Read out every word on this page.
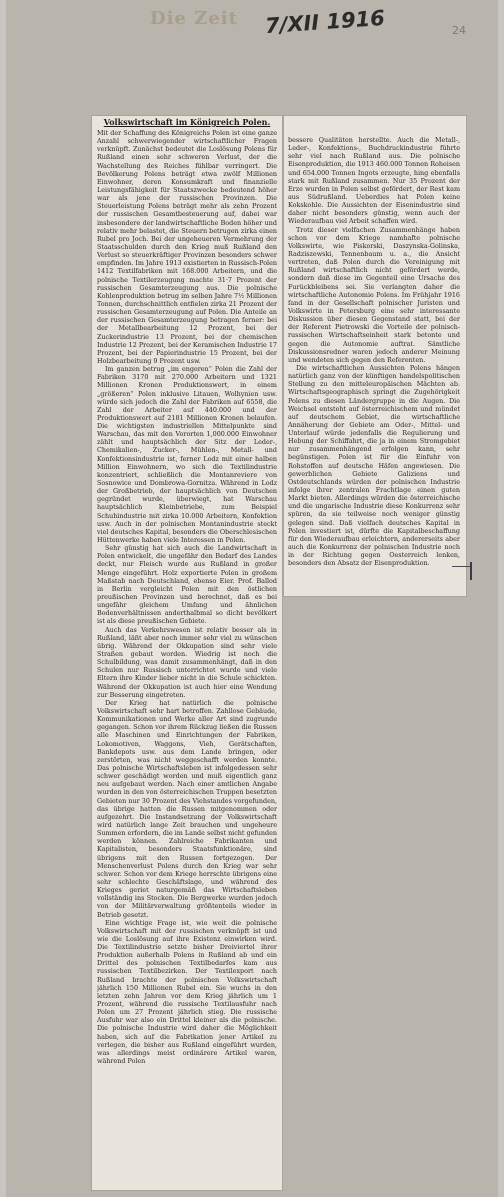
Die Zeit 7/XII 1916	24
Volkswirtschaft im Königreich Polen.

Mit der Schaffung des Königreichs Polen ist eine ganze Anzahl schwerwiegender wirtschaftlicher Fragen verknüpft. Zunächst bedeutet die Loslösung Polens für Rußland einen sehr schweren Verlust, der die Wachstellung des Reiches fühlbar verringert. Die Bevölkerung Polens beträgt etwa zwölf Millionen Einwohner, deren Konsumkraft und finanzielle Leistungsfähigkeit für Staatszwecke bedeutend höher war als jene der russischen Provinzen. Die Steuerleistung Polens beträgt mehr als zehn Prozent der russischen Gesamtbesteuerung auf, dabei war insbesondere der landwirtschaftliche Boden höher und relativ mehr belastet, die Steuern betrugen zirka einen Rubel pro Joch. Bei der ungeheueren Vermehrung der Staatsschulden durch den Krieg muß Rußland den Verlust so steuerkräftiger Provinzen besonders schwer empfinden. Im Jahre 1913 existierten in Russisch-Polen 1412 Textilfabriken mit 168.000 Arbeitern, und die polnische Textilerzeugung machte 31·7 Prozent der russischen Gesamterzeugung aus. Die polnische Kohlenproduktion betrug im selben Jahre 7½ Millionen Tonnen, durchschnittlich entfielen zirka 21 Prozent der russischen Gesamterzeugung auf Polen. Die Anteile an der russischen Gesamterzeugung betragen ferner: bei der Metallbearbeitung 12 Prozent, bei der Zuckerindustrie 13 Prozent, bei der chemischen Industrie 12 Prozent, bei der Keramischen Industrie 17 Prozent, bei der Papierindustrie 15 Prozent, bei der Holzbearbeitung 9 Prozent usw.

Im ganzen betrug „im engeren“ Polen die Zahl der Fabriken 3170 mit 270.000 Arbeitern und 1321 Millionen Kronen Produktionswert, in einem „größeren“ Polen inklusive Litauen, Wolhynien usw. würde sich jedoch die Zahl der Fabriken auf 6558, die Zahl der Arbeiter auf 440.000 und der Produktionswert auf 2181 Millionen Kronen belaufen. Die wichtigsten industriellen Mittelpunkte sind Warschau, das mit den Vororten 1,000.000 Einwohner zählt und hauptsächlich der Sitz der Leder-, Chemikalien-, Zucker-, Mühlen-, Metall- und Konfektionsindustrie ist, ferner Lodz mit einer halben Million Einwohnern, wo sich die Textilindustrie konzentriert, schließlich die Montanreviere von Sosnowice und Dombrowa-Gornitza. Während in Lodz der Großbetrieb, der hauptsächlich von Deutschen gegründet wurde, überwiegt, hat Warschau hauptsächlich Kleinbetriebe, zum Beispiel Schuhindustrie mit zirka 10.000 Arbeitern, Konfektion usw. Auch in der polnischen Montanindustrie steckt viel deutsches Kapital, besonders die Oberschlesischen Hüttenwerke haben viele Interessen in Polen.

Sehr günstig hat sich auch die Landwirtschaft in Polen entwickelt, die ungefähr den Bedarf des Landes deckt, nur Fleisch wurde aus Rußland in großer Menge eingeführt. Holz exportierte Polen in großem Maßstab nach Deutschland, ebenso Eier. Prof. Ballod in Berlin vergleicht Polen mit den östlichen preußischen Provinzen und berechnet, daß es bei ungefähr gleichem Umfang und ähnlichen Bodenverhältnissen anderthalbmal so dicht bevölkert ist als diese preußischen Gebiete.

Auch das Verkehrswesen ist relativ besser als in Rußland, läßt aber noch immer sehr viel zu wünschen übrig. Während der Okkupation sind sehr viele Straßen gebaut worden. Wiedrig ist noch die Schulbildung, was damit zusammenhängt, daß in den Schulen nur Russisch unterrichtet wurde und viele Eltern ihre Kinder lieber nicht in die Schule schickten. Während der Okkupation ist auch hier eine Wendung zur Besserung eingetreten.

Der Krieg hat natürlich die polnische Volkswirtschaft sehr hart betroffen. Zahllose Gebäude, Kommunikationen und Werke aller Art sind zugrunde gegangen. Schon vor ihrem Rückzug ließen die Russen alle Maschinen und Einrichtungen der Fabriken, Lokomotiven, Waggons, Vieh, Gerätschaften, Bankdepots usw. aus dem Lande bringen, oder zerstörten, was nicht weggeschafft werden konnte. Das polnische Wirtschaftsleben ist infolgedessen sehr schwer geschädigt worden und muß eigentlich ganz neu aufgebaut werden. Nach einer amtlichen Angabe wurden in den von österreichischen Truppen besetzten Gebieten nur 30 Prozent des Viehstandes vorgefunden, das übrige hatten die Russen mitgenommen oder aufgezehrt. Die Instandsetzung der Volkswirtschaft wird natürlich lange Zeit brauchen und ungeheure Summen erfordern, die im Lande selbst nicht gefunden werden können. Zahlreiche Fabrikanten und Kapitalisten, besonders Staatsfunktionäre, sind übrigens mit den Russen fortgezogen. Der Menschenverlust Polens durch den Krieg war sehr schwer. Schon vor dem Kriege herrschte übrigens eine sehr schlechte Geschäftslage, und während des Krieges geriet naturgemäß das Wirtschaftsleben vollständig ins Stocken. Die Bergwerke wurden jedoch von der Militärverwaltung größtenteils wieder in Betrieb gesetzt.

Eine wichtige Frage ist, wie weit die polnische Volkswirtschaft mit der russischen verknüpft ist und wie die Loslösung auf ihre Existenz einwirken wird. Die Textilindustrie setzte bisher Dreiviertel ihrer Produktion außerhalb Polens in Rußland ab und ein Drittel des polnischen Textilbedarfes kam aus russischen Textilbezirken. Der Textilexport nach Rußland brachte der polnischen Volkswirtschaft jährlich 150 Millionen Rubel ein. Sie wuchs in den letzten zehn Jahren vor dem Krieg jährlich um 1 Prozent, während die russische Textilausfuhr nach Polen um 27 Prozent jährlich stieg. Die russische Ausfuhr war also ein Drittel kleiner als die polnische. Die polnische Industrie wird daher die Möglichkeit haben, sich auf die Fabrikation jener Artikel zu verlegen, die bisher aus Rußland eingeführt wurden, was allerdings meist ordinärere Artikel waren, während Polen

bessere Qualitäten herstellte. Auch die Metall-, Leder-, Konfektions-, Buchdruckindustrie führte sehr viel nach Rußland aus. Die polnische Eisenproduktion, die 1913 460.000 Tonnen Roheisen und 654.000 Tonnen Ingots erzeugte, hing ebenfalls stark mit Rußland zusammen. Nur 35 Prozent der Erze wurden in Polen selbst gefördert, der Rest kam aus Südrußland. Ueberdies hat Polen keine Kokskohle. Die Aussichten der Eisenindustrie sind daher nicht besonders günstig, wenn auch der Wiederaufbau viel Arbeit schaffen wird.

Trotz dieser vielfachen Zusammenhänge haben schon vor dem Kriege namhafte polnische Volkswirte, wie Piskorski, Daszynska-Golinska, Radziszewski, Tennenbaum u. a., die Ansicht vertreten, daß Polen durch die Vereinigung mit Rußland wirtschaftlich nicht gefördert werde, sondern daß diese im Gegenteil eine Ursache des Furückbleibens sei. Sie verlangten daher die wirtschaftliche Autonomie Polens. Im Frühjahr 1916 fand in der Gesellschaft polnischer Juristen und Volkswirte in Petersburg eine sehr interessante Diskussion über diesen Gegenstand statt, bei der der Referent Pietrowski die Vorteile der polnisch-russischen Wirtschaftseinheit stark betonte und gegen die Autonomie auftrat. Sämtliche Diskussionsredner waren jedoch anderer Meinung und wendeten sich gegen den Referenten.

Die wirtschaftlichen Aussichten Polens hängen natürlich ganz von der künftigen handelspolitischen Stellung zu den mitteleuropäischen Mächten ab. Wirtschaftsgeographisch springt die Zugehörigkeit Polens zu diesen Ländergruppe in die Augen. Die Weichsel entsteht auf österreichischem und mündet auf deutschem Gebiet, die wirtschaftliche Annäherung der Gebiete am Oder-, Mittel- und Unterlauf würde jedenfalls die Regulierung und Hebung der Schiffahrt, die ja in einem Stromgebiet nur zusammenhängend erfolgen kann, sehr begünstigen. Polen ist für die Einfuhr von Rohstoffen auf deutsche Häfen angewiesen. Die gewerblichen Gebiete Galiziens und Ostdeutschlands würden der polnischen Industrie infolge ihrer zentralen Frachtlage einen guten Markt bieten. Allerdings würden die österreichische und die ungarische Industrie diese Konkurrenz sehr spüren, da sie teilweise noch weniger günstig gelegen sind. Daß vielfach deutsches Kapital in Polen investiert ist, dürfte die Kapitalbeschaffung für den Wiederaufbau erleichtern, andererseits aber auch die Konkurrenz der polnischen Industrie noch in der Richtung gegen Oesterreich lenken, besonders den Absatz der Eisenproduktion.
